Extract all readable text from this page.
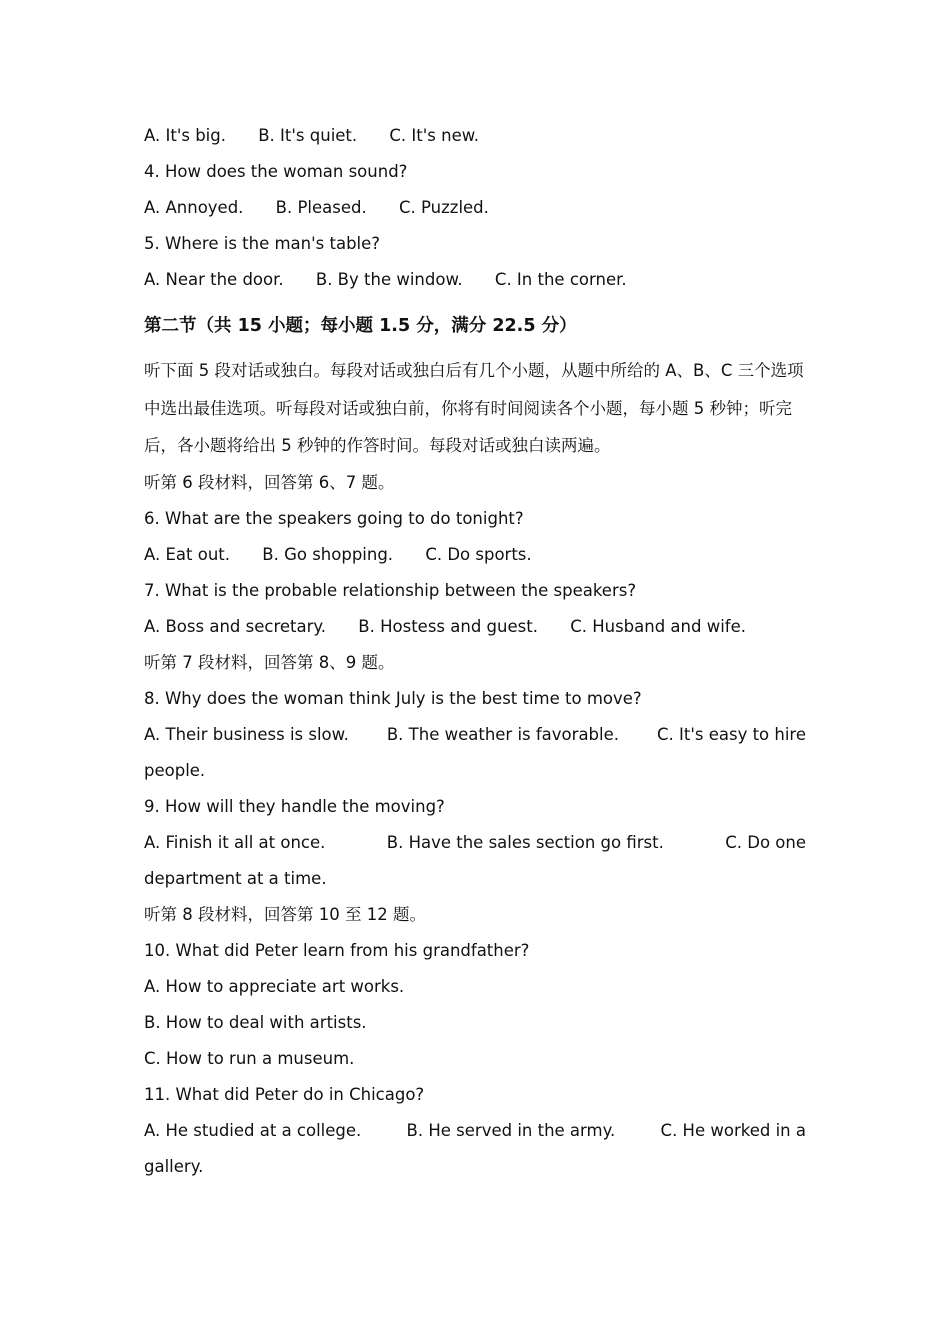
A. It's big. B. It's quiet. C. It's new.
4. How does the woman sound?
A. Annoyed. B. Pleased. C. Puzzled.
5. Where is the man's table?
A. Near the door. B. By the window. C. In the corner.
第二节（共 15 小题；每小题 1.5 分，满分 22.5 分）
听下面 5 段对话或独白。每段对话或独白后有几个小题，从题中所给的 A、B、C 三个选项中选出最佳选项。听每段对话或独白前，你将有时间阅读各个小题，每小题 5 秒钟；听完后，各小题将给出 5 秒钟的作答时间。每段对话或独白读两遍。
听第 6 段材料，回答第 6、7 题。
6. What are the speakers going to do tonight?
A. Eat out. B. Go shopping. C. Do sports.
7. What is the probable relationship between the speakers?
A. Boss and secretary. B. Hostess and guest. C. Husband and wife.
听第 7 段材料，回答第 8、9 题。
8. Why does the woman think July is the best time to move?
A. Their business is slow. B. The weather is favorable. C. It's easy to hire
people.
9. How will they handle the moving?
A. Finish it all at once.	B. Have the sales section go first.	C. Do one
department at a time.
听第 8 段材料，回答第 10 至 12 题。
10. What did Peter learn from his grandfather?
A. How to appreciate art works.
B. How to deal with artists.
C. How to run a museum.
11. What did Peter do in Chicago?
A. He studied at a college.	B. He served in the army.	C. He worked in a
gallery.
